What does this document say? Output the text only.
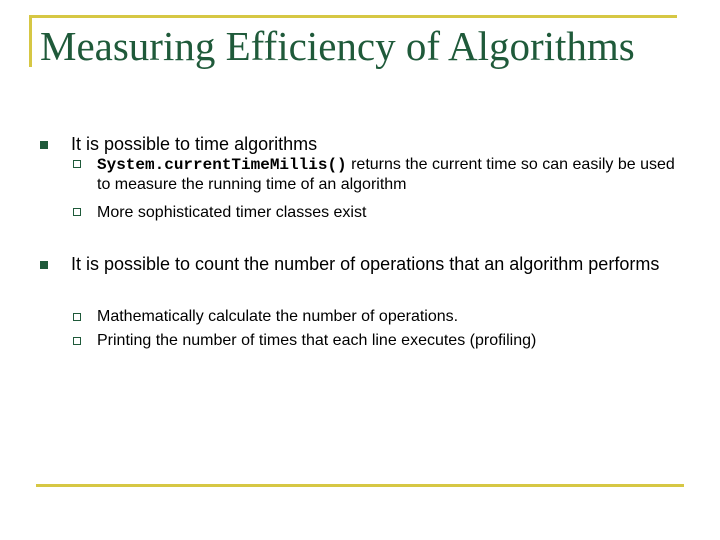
Measuring Efficiency of Algorithms
It is possible to time algorithms
System.currentTimeMillis() returns the current time so can easily be used to measure the running time of an algorithm
More sophisticated timer classes exist
It is possible to count the number of operations that an algorithm performs
Mathematically calculate the number of operations.
Printing the number of times that each line executes (profiling)
